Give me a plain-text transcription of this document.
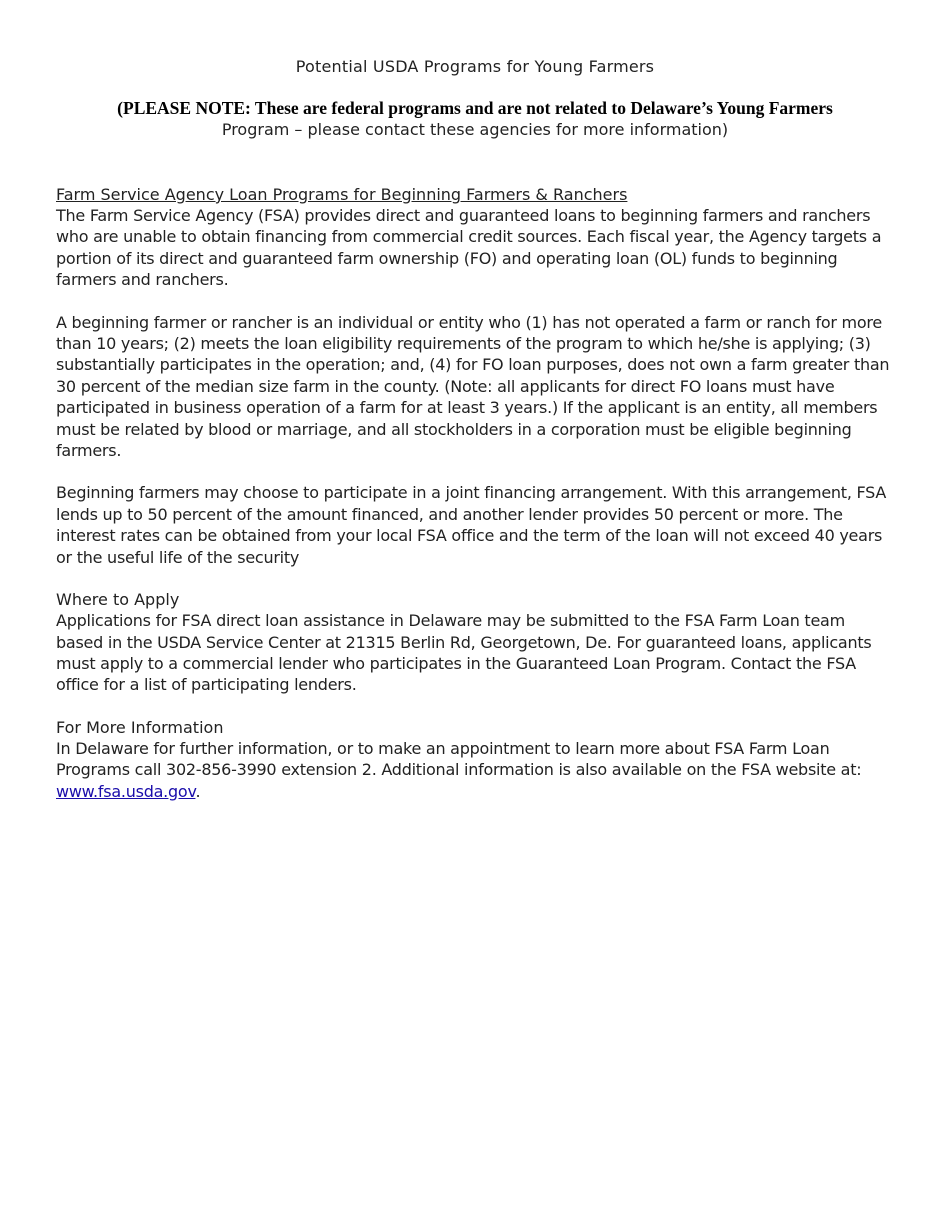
Potential USDA Programs for Young Farmers

(PLEASE NOTE: These are federal programs and are not related to Delaware’s Young Farmers
Program – please contact these agencies for more information)

Farm Service Agency Loan Programs for Beginning Farmers & Ranchers

The Farm Service Agency (FSA) provides direct and guaranteed loans to beginning farmers and ranchers who are unable to obtain financing from commercial credit sources. Each fiscal year, the Agency targets a portion of its direct and guaranteed farm ownership (FO) and operating loan (OL) funds to beginning farmers and ranchers.

A beginning farmer or rancher is an individual or entity who (1) has not operated a farm or ranch for more than 10 years; (2) meets the loan eligibility requirements of the program to which he/she is applying; (3) substantially participates in the operation; and, (4) for FO loan purposes, does not own a farm greater than 30 percent of the median size farm in the county. (Note: all applicants for direct FO loans must have participated in business operation of a farm for at least 3 years.) If the applicant is an entity, all members must be related by blood or marriage, and all stockholders in a corporation must be eligible beginning farmers.

Beginning farmers may choose to participate in a joint financing arrangement. With this arrangement, FSA lends up to 50 percent of the amount financed, and another lender provides 50 percent or more. The interest rates can be obtained from your local FSA office and the term of the loan will not exceed 40 years or the useful life of the security

Where to Apply

Applications for FSA direct loan assistance in Delaware may be submitted to the FSA Farm Loan team based in the USDA Service Center at 21315 Berlin Rd, Georgetown, De. For guaranteed loans, applicants must apply to a commercial lender who participates in the Guaranteed Loan Program. Contact the FSA office for a list of participating lenders.

For More Information

In Delaware for further information, or to make an appointment to learn more about FSA Farm Loan Programs call 302-856-3990 extension 2. Additional information is also available on the FSA website at: www.fsa.usda.gov.
